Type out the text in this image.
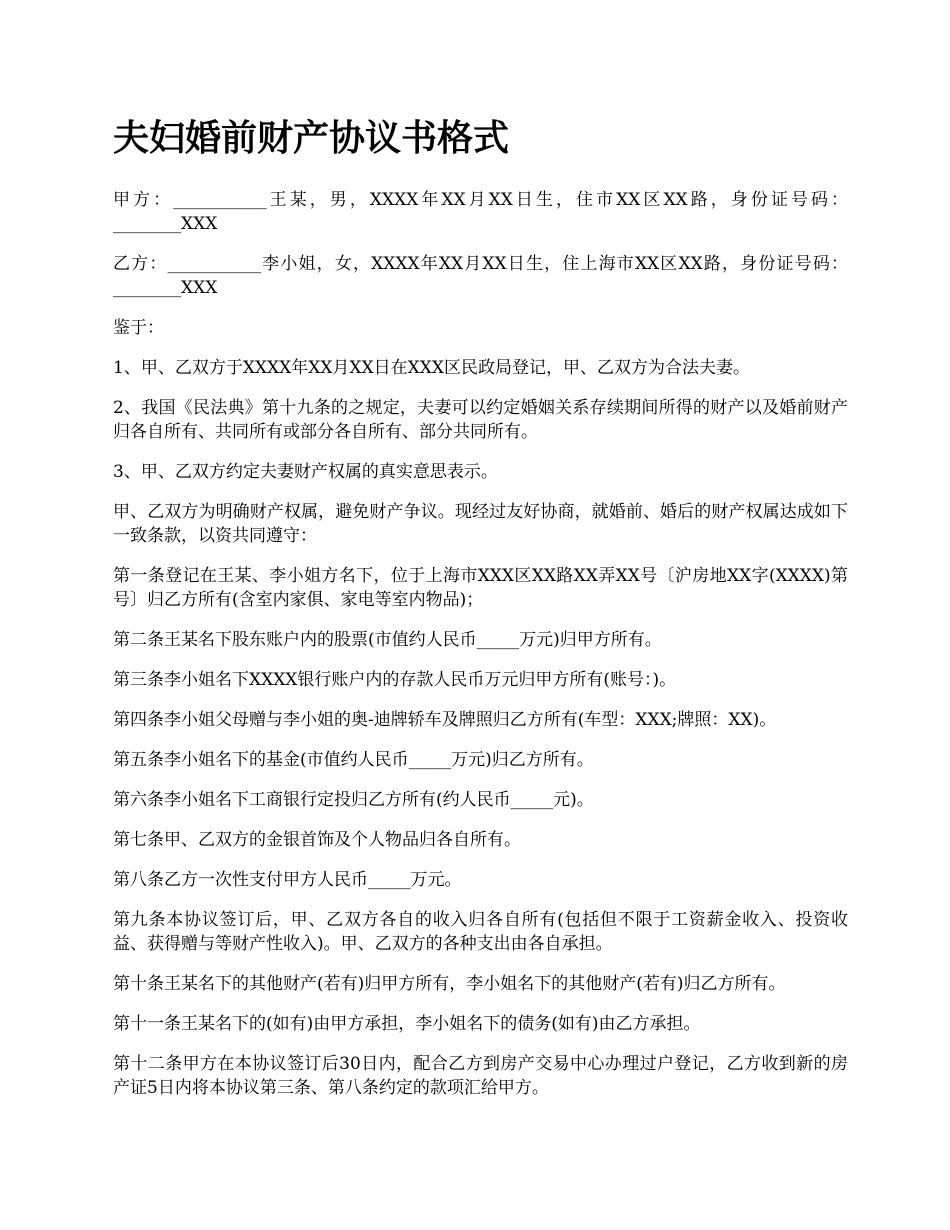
夫妇婚前财产协议书格式

甲方：___________王某，男，XXXX年XX月XX日生，住市XX区XX路，身份证号码：________XXX

乙方：___________李小姐，女，XXXX年XX月XX日生，住上海市XX区XX路，身份证号码：________XXX

鉴于：

1、甲、乙双方于XXXX年XX月XX日在XXX区民政局登记，甲、乙双方为合法夫妻。

2、我国《民法典》第十九条的之规定，夫妻可以约定婚姻关系存续期间所得的财产以及婚前财产归各自所有、共同所有或部分各自所有、部分共同所有。

3、甲、乙双方约定夫妻财产权属的真实意思表示。

甲、乙双方为明确财产权属，避免财产争议。现经过友好协商，就婚前、婚后的财产权属达成如下一致条款，以资共同遵守：

第一条登记在王某、李小姐方名下，位于上海市XXX区XX路XX弄XX号〔沪房地XX字(XXXX)第号〕归乙方所有(含室内家俱、家电等室内物品)；

第二条王某名下股东账户内的股票(市值约人民币_____万元)归甲方所有。

第三条李小姐名下XXXX银行账户内的存款人民币万元归甲方所有(账号：)。

第四条李小姐父母赠与李小姐的奥-迪牌轿车及牌照归乙方所有(车型：XXX;牌照：XX)。

第五条李小姐名下的基金(市值约人民币_____万元)归乙方所有。

第六条李小姐名下工商银行定投归乙方所有(约人民币_____元)。

第七条甲、乙双方的金银首饰及个人物品归各自所有。

第八条乙方一次性支付甲方人民币_____万元。

第九条本协议签订后，甲、乙双方各自的收入归各自所有(包括但不限于工资薪金收入、投资收益、获得赠与等财产性收入)。甲、乙双方的各种支出由各自承担。

第十条王某名下的其他财产(若有)归甲方所有，李小姐名下的其他财产(若有)归乙方所有。

第十一条王某名下的(如有)由甲方承担，李小姐名下的债务(如有)由乙方承担。

第十二条甲方在本协议签订后30日内，配合乙方到房产交易中心办理过户登记，乙方收到新的房产证5日内将本协议第三条、第八条约定的款项汇给甲方。
